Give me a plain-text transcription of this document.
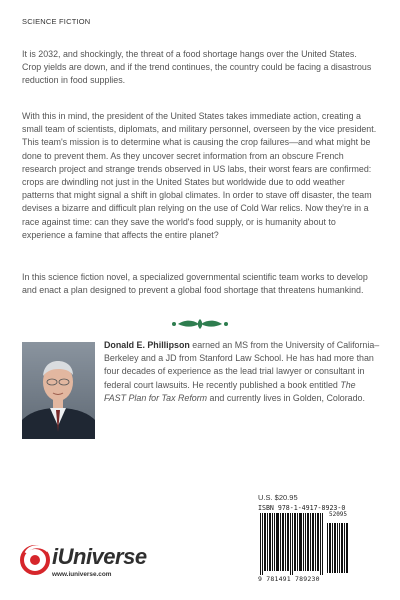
SCIENCE FICTION

It is 2032, and shockingly, the threat of a food shortage hangs over the United States. Crop yields are down, and if the trend continues, the country could be facing a disastrous reduction in food supplies.

With this in mind, the president of the United States takes immediate action, creating a small team of scientists, diplomats, and military personnel, overseen by the vice president. This team's mission is to determine what is causing the crop failures—and what might be done to prevent them. As they uncover secret information from an obscure French research project and strange trends observed in US labs, their worst fears are confirmed: crops are dwindling not just in the United States but worldwide due to odd weather patterns that might signal a shift in global climates. In order to stave off disaster, the team devises a bizarre and difficult plan relying on the use of Cold War relics. Now they're in a race against time: can they save the world's food supply, or is humanity about to experience a famine that affects the entire planet?

In this science fiction novel, a specialized governmental scientific team works to develop and enact a plan designed to prevent a global food shortage that threatens humankind.

Donald E. Phillipson earned an MS from the University of California–Berkeley and a JD from Stanford Law School. He has had more than four decades of experience as the lead trial lawyer or consultant in federal court lawsuits. He recently published a book entitled The FAST Plan for Tax Reform and currently lives in Golden, Colorado.

U.S. $20.95
ISBN 978-1-4917-8923-0
52095
9 781491 789230
iUniverse
www.iuniverse.com
